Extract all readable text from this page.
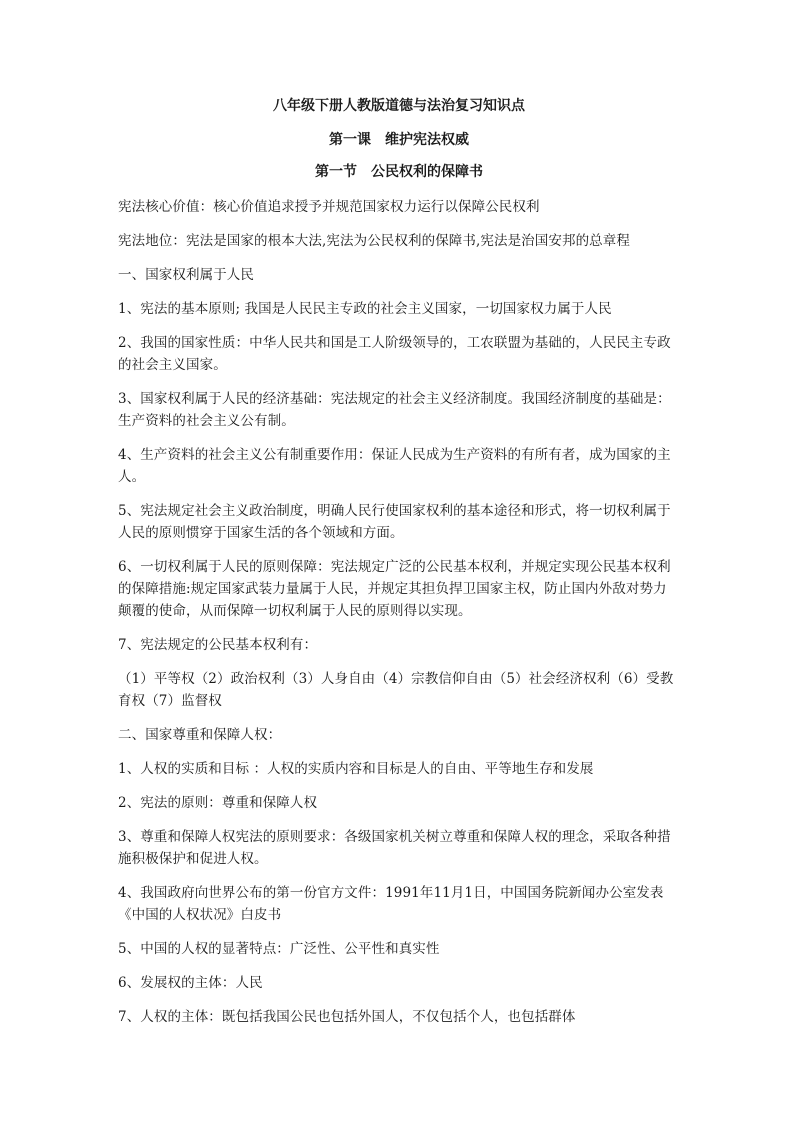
八年级下册人教版道德与法治复习知识点
第一课　维护宪法权威
第一节　公民权利的保障书

宪法核心价值：核心价值追求授予并规范国家权力运行以保障公民权利

宪法地位：宪法是国家的根本大法,宪法为公民权利的保障书,宪法是治国安邦的总章程

一、国家权利属于人民

1、宪法的基本原则; 我国是人民民主专政的社会主义国家，一切国家权力属于人民

2、我国的国家性质：中华人民共和国是工人阶级领导的，工农联盟为基础的，人民民主专政的社会主义国家。

3、国家权利属于人民的经济基础：宪法规定的社会主义经济制度。我国经济制度的基础是：生产资料的社会主义公有制。

4、生产资料的社会主义公有制重要作用：保证人民成为生产资料的有所有者，成为国家的主人。

5、宪法规定社会主义政治制度，明确人民行使国家权利的基本途径和形式，将一切权利属于人民的原则惯穿于国家生活的各个领域和方面。

6、一切权利属于人民的原则保障：宪法规定广泛的公民基本权利，并规定实现公民基本权利的保障措施:规定国家武装力量属于人民，并规定其担负捍卫国家主权，防止国内外敌对势力颠覆的使命，从而保障一切权利属于人民的原则得以实现。

7、宪法规定的公民基本权利有：

（1）平等权（2）政治权利（3）人身自由（4）宗教信仰自由（5）社会经济权利（6）受教育权（7）监督权

二、国家尊重和保障人权：

1、人权的实质和目标 ：人权的实质内容和目标是人的自由、平等地生存和发展

2、宪法的原则：尊重和保障人权

3、尊重和保障人权宪法的原则要求：各级国家机关树立尊重和保障人权的理念，采取各种措施积极保护和促进人权。

4、我国政府向世界公布的第一份官方文件：1991年11月1日，中国国务院新闻办公室发表《中国的人权状况》白皮书

5、中国的人权的显著特点：广泛性、公平性和真实性

6、发展权的主体：人民

7、人权的主体：既包括我国公民也包括外国人，不仅包括个人，也包括群体
